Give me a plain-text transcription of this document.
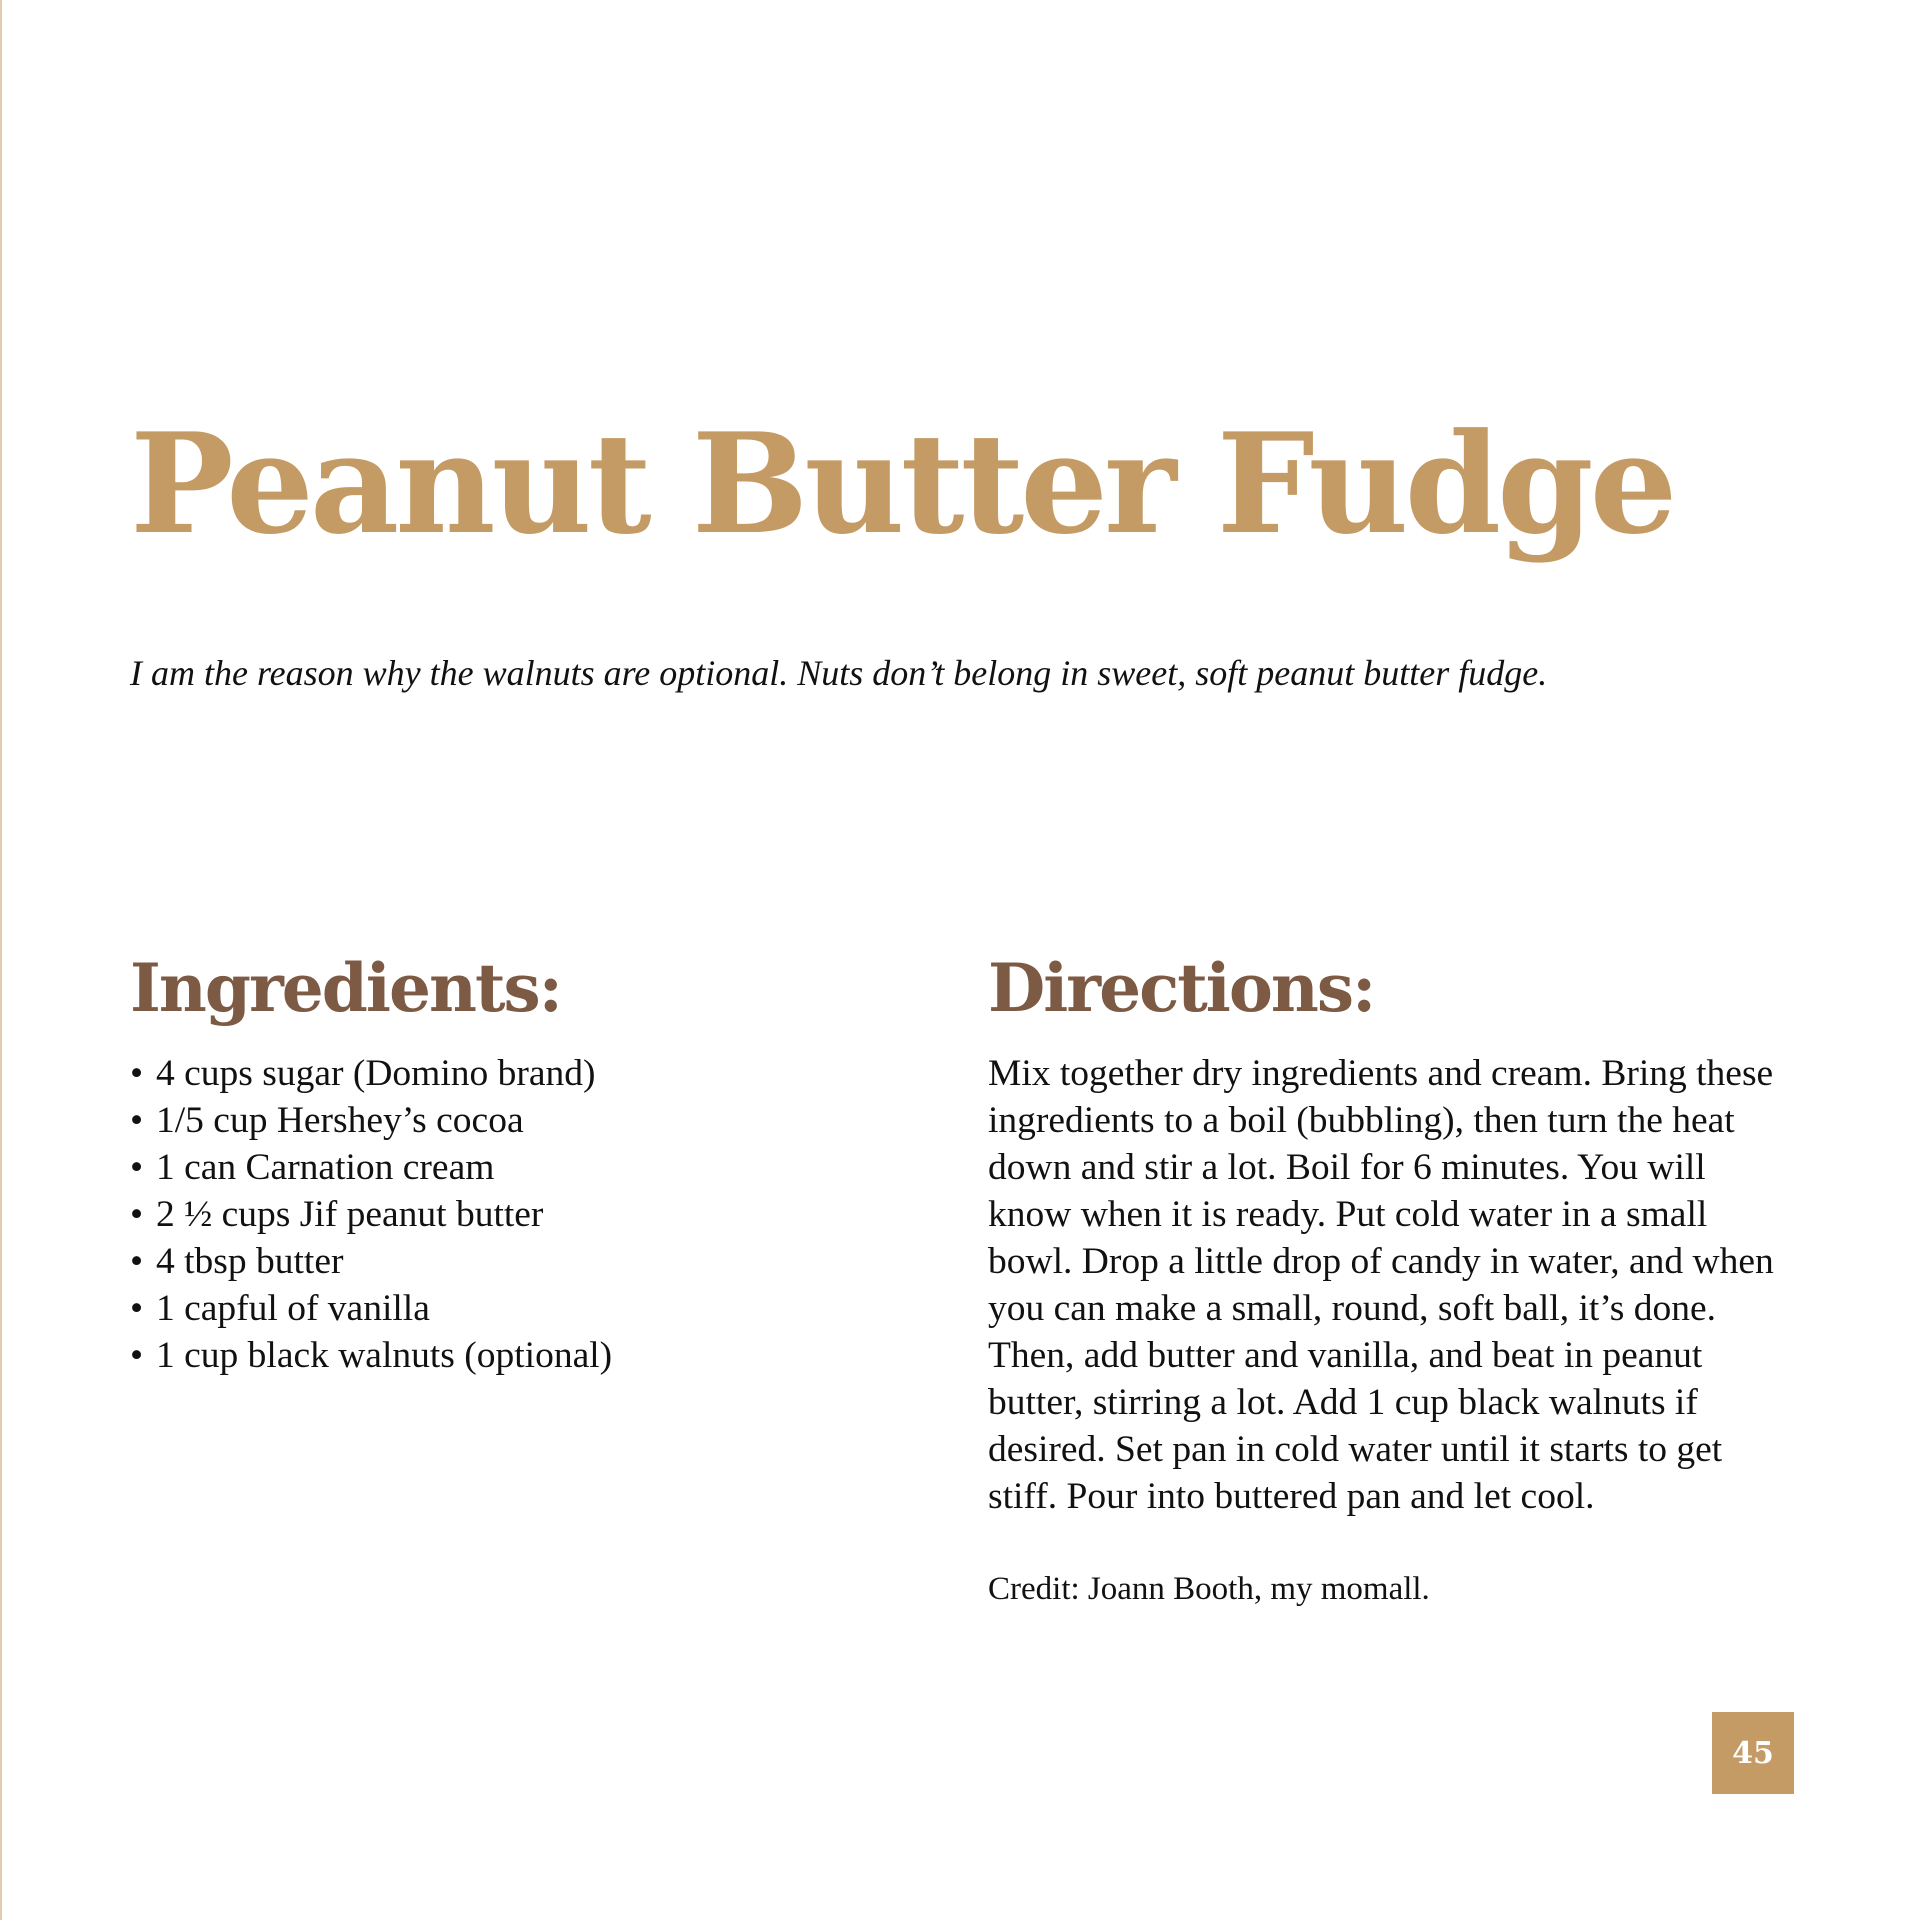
Peanut Butter Fudge

I am the reason why the walnuts are optional. Nuts don’t belong in sweet, soft peanut butter fudge.

Ingredients:
• 4 cups sugar (Domino brand)
• 1/5 cup Hershey’s cocoa
• 1 can Carnation cream
• 2 ½ cups Jif peanut butter
• 4 tbsp butter
• 1 capful of vanilla
• 1 cup black walnuts (optional)
Directions:

Mix together dry ingredients and cream. Bring these ingredients to a boil (bubbling), then turn the heat down and stir a lot. Boil for 6 minutes. You will know when it is ready. Put cold water in a small bowl. Drop a little drop of candy in water, and when you can make a small, round, soft ball, it’s done. Then, add butter and vanilla, and beat in peanut butter, stirring a lot. Add 1 cup black walnuts if desired. Set pan in cold water until it starts to get stiff. Pour into buttered pan and let cool.

Credit: Joann Booth, my momall.

45
